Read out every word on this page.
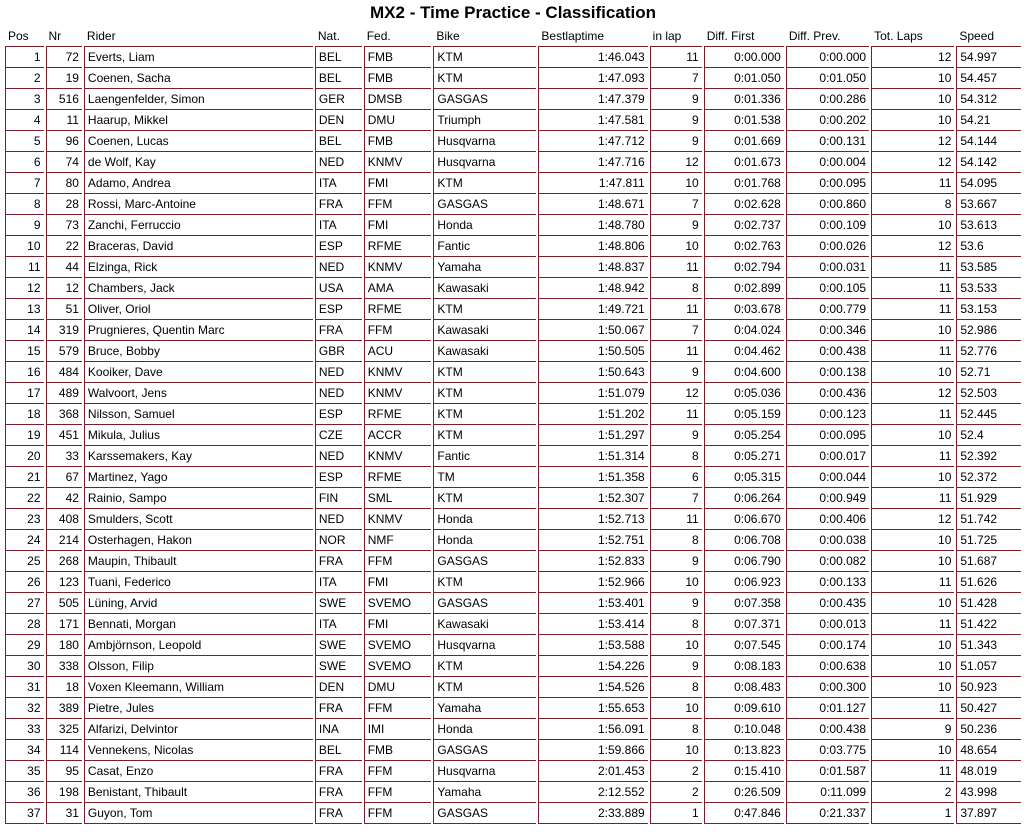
MX2 - Time Practice - Classification
Pos	Nr	Rider	Nat.	Fed.	Bike	Bestlaptime	in lap	Diff. First	Diff. Prev.	Tot. Laps	Speed
1	72	Everts, Liam	BEL	FMB	KTM	1:46.043	11	0:00.000	0:00.000	12	54.997
2	19	Coenen, Sacha	BEL	FMB	KTM	1:47.093	7	0:01.050	0:01.050	10	54.457
3	516	Laengenfelder, Simon	GER	DMSB	GASGAS	1:47.379	9	0:01.336	0:00.286	10	54.312
4	11	Haarup, Mikkel	DEN	DMU	Triumph	1:47.581	9	0:01.538	0:00.202	10	54.21
5	96	Coenen, Lucas	BEL	FMB	Husqvarna	1:47.712	9	0:01.669	0:00.131	12	54.144
6	74	de Wolf, Kay	NED	KNMV	Husqvarna	1:47.716	12	0:01.673	0:00.004	12	54.142
7	80	Adamo, Andrea	ITA	FMI	KTM	1:47.811	10	0:01.768	0:00.095	11	54.095
8	28	Rossi, Marc-Antoine	FRA	FFM	GASGAS	1:48.671	7	0:02.628	0:00.860	8	53.667
9	73	Zanchi, Ferruccio	ITA	FMI	Honda	1:48.780	9	0:02.737	0:00.109	10	53.613
10	22	Braceras, David	ESP	RFME	Fantic	1:48.806	10	0:02.763	0:00.026	12	53.6
11	44	Elzinga, Rick	NED	KNMV	Yamaha	1:48.837	11	0:02.794	0:00.031	11	53.585
12	12	Chambers, Jack	USA	AMA	Kawasaki	1:48.942	8	0:02.899	0:00.105	11	53.533
13	51	Oliver, Oriol	ESP	RFME	KTM	1:49.721	11	0:03.678	0:00.779	11	53.153
14	319	Prugnieres, Quentin Marc	FRA	FFM	Kawasaki	1:50.067	7	0:04.024	0:00.346	10	52.986
15	579	Bruce, Bobby	GBR	ACU	Kawasaki	1:50.505	11	0:04.462	0:00.438	11	52.776
16	484	Kooiker, Dave	NED	KNMV	KTM	1:50.643	9	0:04.600	0:00.138	10	52.71
17	489	Walvoort, Jens	NED	KNMV	KTM	1:51.079	12	0:05.036	0:00.436	12	52.503
18	368	Nilsson, Samuel	ESP	RFME	KTM	1:51.202	11	0:05.159	0:00.123	11	52.445
19	451	Mikula, Julius	CZE	ACCR	KTM	1:51.297	9	0:05.254	0:00.095	10	52.4
20	33	Karssemakers, Kay	NED	KNMV	Fantic	1:51.314	8	0:05.271	0:00.017	11	52.392
21	67	Martinez, Yago	ESP	RFME	TM	1:51.358	6	0:05.315	0:00.044	10	52.372
22	42	Rainio, Sampo	FIN	SML	KTM	1:52.307	7	0:06.264	0:00.949	11	51.929
23	408	Smulders, Scott	NED	KNMV	Honda	1:52.713	11	0:06.670	0:00.406	12	51.742
24	214	Osterhagen, Hakon	NOR	NMF	Honda	1:52.751	8	0:06.708	0:00.038	10	51.725
25	268	Maupin, Thibault	FRA	FFM	GASGAS	1:52.833	9	0:06.790	0:00.082	10	51.687
26	123	Tuani, Federico	ITA	FMI	KTM	1:52.966	10	0:06.923	0:00.133	11	51.626
27	505	Lüning, Arvid	SWE	SVEMO	GASGAS	1:53.401	9	0:07.358	0:00.435	10	51.428
28	171	Bennati, Morgan	ITA	FMI	Kawasaki	1:53.414	8	0:07.371	0:00.013	11	51.422
29	180	Ambjörnson, Leopold	SWE	SVEMO	Husqvarna	1:53.588	10	0:07.545	0:00.174	10	51.343
30	338	Olsson, Filip	SWE	SVEMO	KTM	1:54.226	9	0:08.183	0:00.638	10	51.057
31	18	Voxen Kleemann, William	DEN	DMU	KTM	1:54.526	8	0:08.483	0:00.300	10	50.923
32	389	Pietre, Jules	FRA	FFM	Yamaha	1:55.653	10	0:09.610	0:01.127	11	50.427
33	325	Alfarizi, Delvintor	INA	IMI	Honda	1:56.091	8	0:10.048	0:00.438	9	50.236
34	114	Vennekens, Nicolas	BEL	FMB	GASGAS	1:59.866	10	0:13.823	0:03.775	10	48.654
35	95	Casat, Enzo	FRA	FFM	Husqvarna	2:01.453	2	0:15.410	0:01.587	11	48.019
36	198	Benistant, Thibault	FRA	FFM	Yamaha	2:12.552	2	0:26.509	0:11.099	2	43.998
37	31	Guyon, Tom	FRA	FFM	GASGAS	2:33.889	1	0:47.846	0:21.337	1	37.897
